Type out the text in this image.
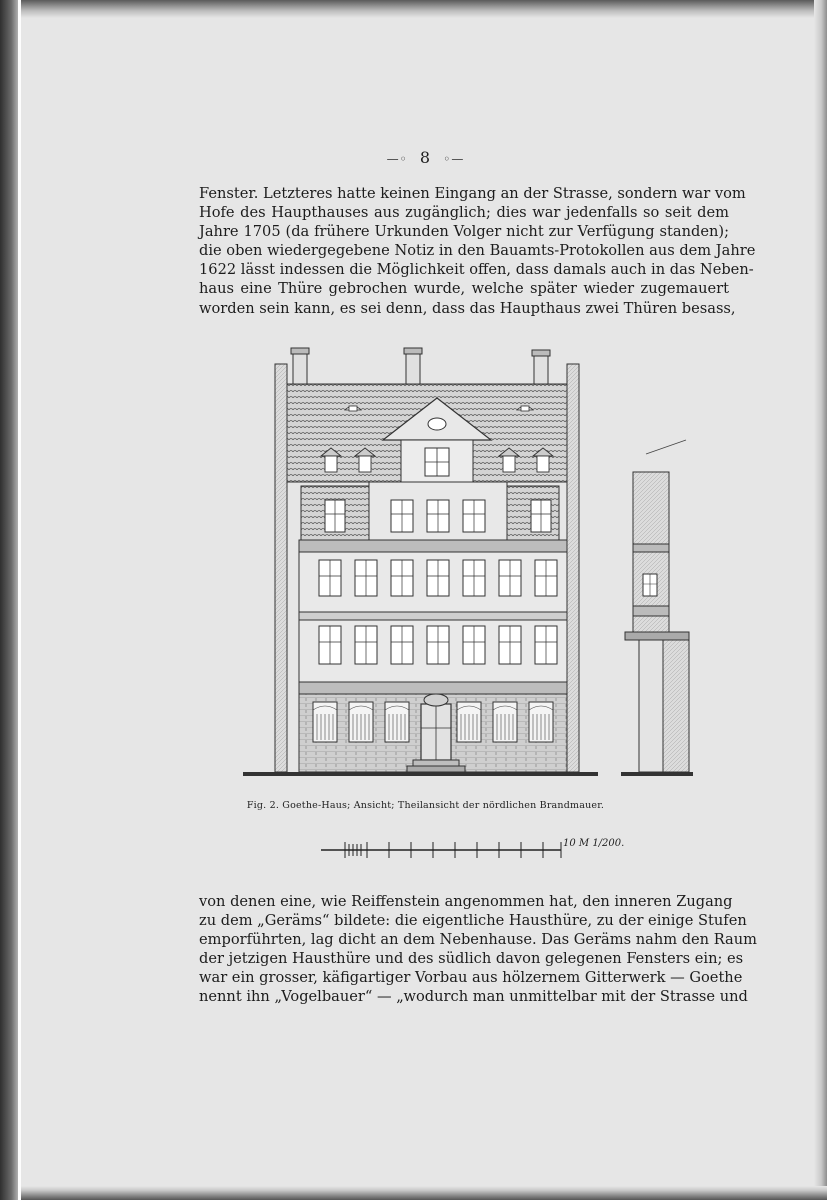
—◦ 8 ◦—
Fenster. Letzteres hatte keinen Eingang an der Strasse, sondern war vom
Hofe des Haupthauses aus zugänglich; dies war jedenfalls so seit dem
Jahre 1705 (da frühere Urkunden Volger nicht zur Verfügung standen);
die oben wiedergegebene Notiz in den Bauamts-Protokollen aus dem Jahre
1622 lässt indessen die Möglichkeit offen, dass damals auch in das Neben-
haus eine Thüre gebrochen wurde, welche später wieder zugemauert
worden sein kann, es sei denn, dass das Haupthaus zwei Thüren besass,
Fig. 2. Goethe-Haus; Ansicht; Theilansicht der nördlichen Brandmauer.
10 M 1/200.
von denen eine, wie Reiffenstein angenommen hat, den inneren Zugang
zu dem „Geräms“ bildete: die eigentliche Hausthüre, zu der einige Stufen
emporführten, lag dicht an dem Nebenhause. Das Geräms nahm den Raum
der jetzigen Hausthüre und des südlich davon gelegenen Fensters ein; es
war ein grosser, käfigartiger Vorbau aus hölzernem Gitterwerk — Goethe
nennt ihn „Vogelbauer“ — „wodurch man unmittelbar mit der Strasse und
